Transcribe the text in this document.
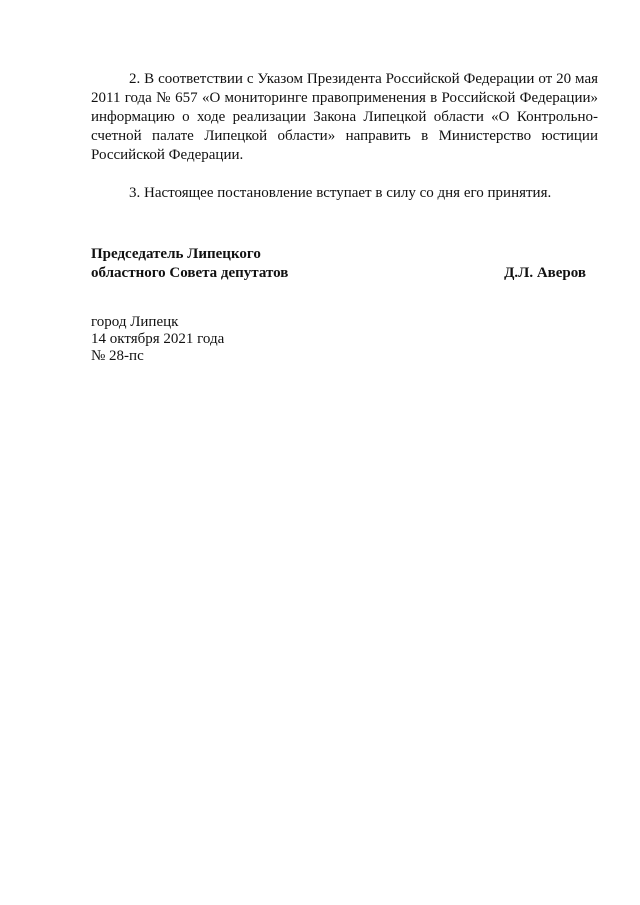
2. В соответствии с Указом Президента Российской Федерации от 20 мая 2011 года № 657 «О мониторинге правоприменения в Российской Федерации» информацию о ходе реализации Закона Липецкой области «О Контрольно-счетной палате Липецкой области» направить в Министерство юстиции Российской Федерации.

3. Настоящее постановление вступает в силу со дня его принятия.

Председатель Липецкого
областного Совета депутатов	Д.Л. Аверов
город Липецк
14 октября 2021 года
№ 28-пс
